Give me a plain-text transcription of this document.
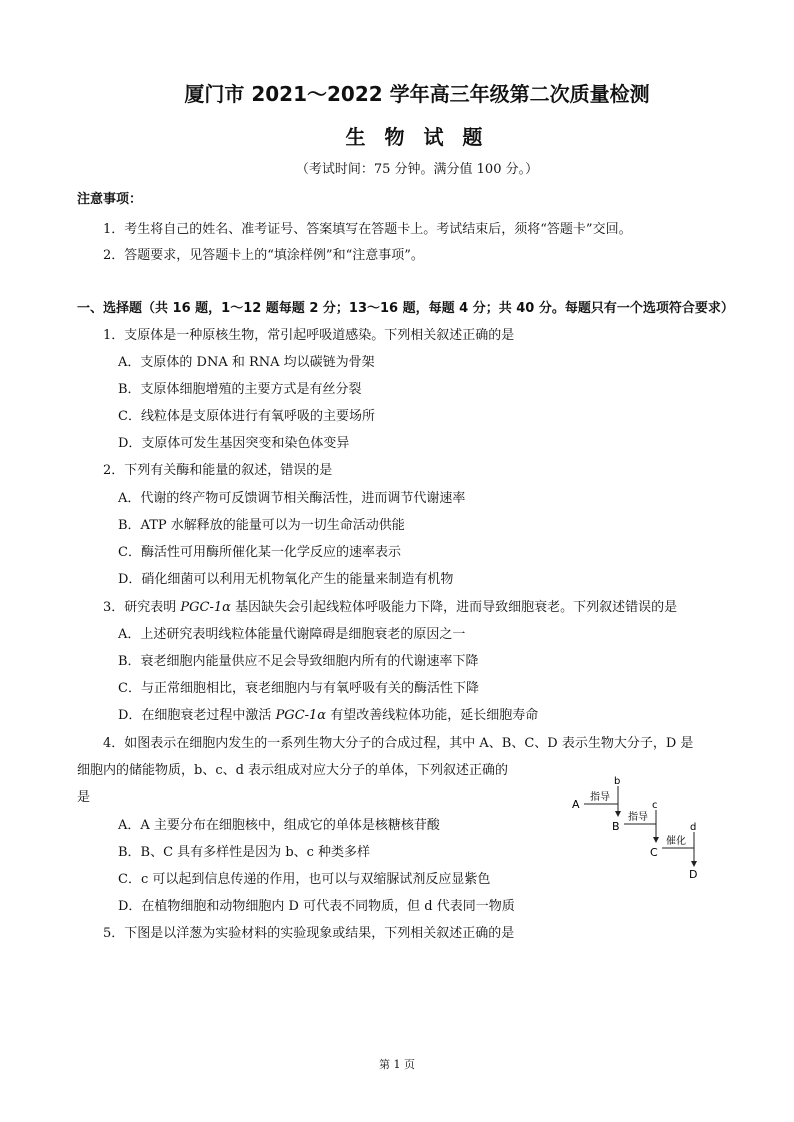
厦门市 2021～2022 学年高三年级第二次质量检测
生 物 试 题
（考试时间：75 分钟。满分值 100 分。）
注意事项：
1．考生将自己的姓名、准考证号、答案填写在答题卡上。考试结束后，须将“答题卡”交回。
2．答题要求，见答题卡上的“填涂样例”和“注意事项”。
一、选择题（共 16 题，1～12 题每题 2 分；13～16 题，每题 4 分；共 40 分。每题只有一个选项符合要求）
1．支原体是一种原核生物，常引起呼吸道感染。下列相关叙述正确的是
A．支原体的 DNA 和 RNA 均以碳链为骨架
B．支原体细胞增殖的主要方式是有丝分裂
C．线粒体是支原体进行有氧呼吸的主要场所
D．支原体可发生基因突变和染色体变异
2．下列有关酶和能量的叙述，错误的是
A．代谢的终产物可反馈调节相关酶活性，进而调节代谢速率
B．ATP 水解释放的能量可以为一切生命活动供能
C．酶活性可用酶所催化某一化学反应的速率表示
D．硝化细菌可以利用无机物氧化产生的能量来制造有机物
3．研究表明 PGC-1α 基因缺失会引起线粒体呼吸能力下降，进而导致细胞衰老。下列叙述错误的是
A．上述研究表明线粒体能量代谢障碍是细胞衰老的原因之一
B．衰老细胞内能量供应不足会导致细胞内所有的代谢速率下降
C．与正常细胞相比，衰老细胞内与有氧呼吸有关的酶活性下降
D．在细胞衰老过程中激活 PGC-1α 有望改善线粒体功能，延长细胞寿命
4．如图表示在细胞内发生的一系列生物大分子的合成过程，其中 A、B、C、D 表示生物大分子，D 是
细胞内的储能物质，b、c、d 表示组成对应大分子的单体，下列叙述正确的
是
A．A 主要分布在细胞核中，组成它的单体是核糖核苷酸
B．B、C 具有多样性是因为 b、c 种类多样
C．c 可以起到信息传递的作用，也可以与双缩脲试剂反应显紫色
D．在植物细胞和动物细胞内 D 可代表不同物质，但 d 代表同一物质
A
指导
b
B
指导
c
C
催化
d
D
5．下图是以洋葱为实验材料的实验现象或结果，下列相关叙述正确的是
第 1 页
